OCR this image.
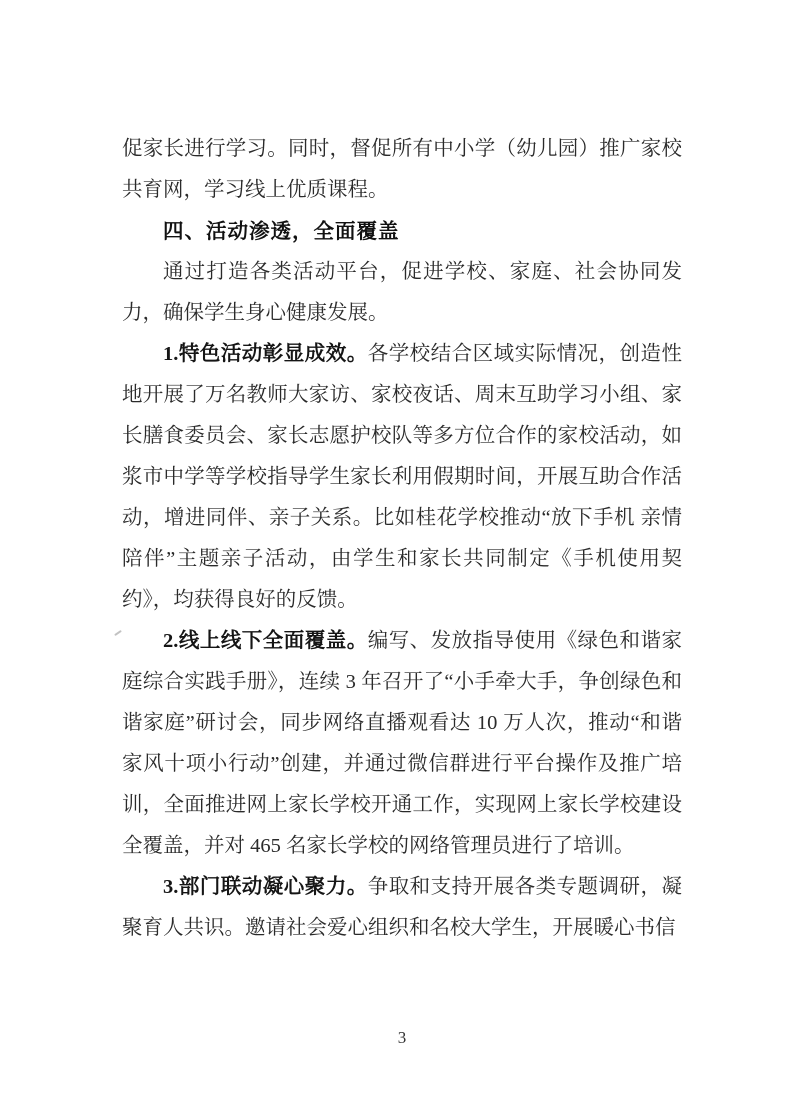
促家长进行学习。同时，督促所有中小学（幼儿园）推广家校共育网，学习线上优质课程。

四、活动渗透，全面覆盖

通过打造各类活动平台，促进学校、家庭、社会协同发力，确保学生身心健康发展。

1.特色活动彰显成效。各学校结合区域实际情况，创造性地开展了万名教师大家访、家校夜话、周末互助学习小组、家长膳食委员会、家长志愿护校队等多方位合作的家校活动，如浆市中学等学校指导学生家长利用假期时间，开展互助合作活动，增进同伴、亲子关系。比如桂花学校推动“放下手机 亲情陪伴”主题亲子活动，由学生和家长共同制定《手机使用契约》，均获得良好的反馈。

2.线上线下全面覆盖。编写、发放指导使用《绿色和谐家庭综合实践手册》，连续 3 年召开了“小手牵大手，争创绿色和谐家庭”研讨会，同步网络直播观看达 10 万人次，推动“和谐家风十项小行动”创建，并通过微信群进行平台操作及推广培训，全面推进网上家长学校开通工作，实现网上家长学校建设全覆盖，并对 465 名家长学校的网络管理员进行了培训。

3.部门联动凝心聚力。争取和支持开展各类专题调研，凝聚育人共识。邀请社会爱心组织和名校大学生，开展暖心书信

3
